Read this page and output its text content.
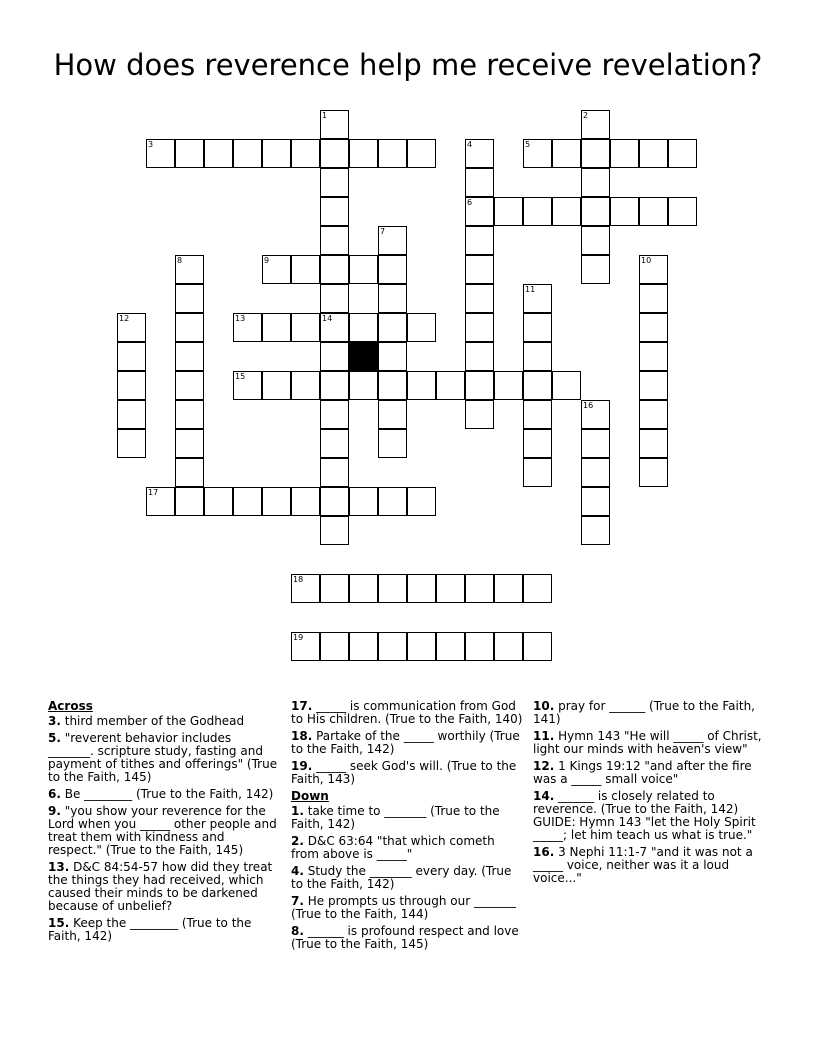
How does reverence help me receive revelation?
1
14
2
3	4
6
5
7
8	9	10
11
12	13
15
16
17
18
19
Across
3. third member of the Godhead
5. "reverent behavior includes _______. scripture study, fasting and payment of tithes and offerings" (True to the Faith, 145)
6. Be ________ (True to the Faith, 142)
9. "you show your reverence for the Lord when you _____ other people and treat them with kindness and respect." (True to the Faith, 145)
13. D&C 84:54-57 how did they treat the things they had received, which caused their minds to be darkened because of unbelief?
15. Keep the ________ (True to the Faith, 142)
17. _____ is communication from God to His children. (True to the Faith, 140)
18. Partake of the _____ worthily (True to the Faith, 142)
19. _____ seek God's will. (True to the Faith, 143)
Down
1. take time to _______ (True to the Faith, 142)
2. D&C 63:64 "that which cometh from above is _____"
4. Study the _______ every day. (True to the Faith, 142)
7. He prompts us through our _______ (True to the Faith, 144)
8. ______ is profound respect and love (True to the Faith, 145)
10. pray for ______ (True to the Faith, 141)
11. Hymn 143 "He will _____ of Christ, light our minds with heaven's view"
12. 1 Kings 19:12 "and after the fire was a _____ small voice"
14. ______ is closely related to reverence. (True to the Faith, 142) GUIDE: Hymn 143 "let the Holy Spirit _____; let him teach us what is true."
16. 3 Nephi 11:1-7 "and it was not a _____ voice, neither was it a loud voice..."
